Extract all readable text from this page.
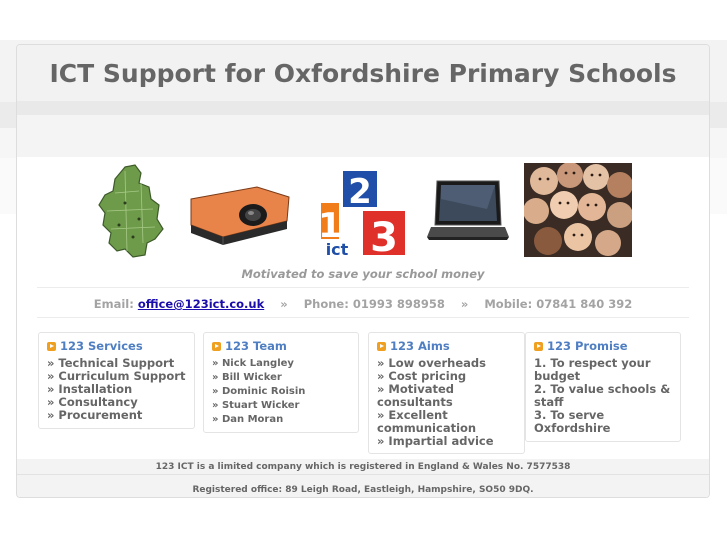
ICT Support for Oxfordshire Primary Schools
2
1 3
ict
Motivated to save your school money
Email: office@123ict.co.uk » Phone: 01993 898958 » Mobile: 07841 840 392
123 Services
» Technical Support
» Curriculum Support
» Installation
» Consultancy
» Procurement
123 Team
» Nick Langley
» Bill Wicker
» Dominic Roisin
» Stuart Wicker
» Dan Moran
123 Aims
» Low overheads
» Cost pricing
» Motivated
consultants
» Excellent
communication
» Impartial advice
123 Promise
1. To respect your
budget
2. To value schools &
staff
3. To serve
Oxfordshire
123 ICT is a limited company which is registered in England & Wales No. 7577538
Registered office: 89 Leigh Road, Eastleigh, Hampshire, SO50 9DQ.
